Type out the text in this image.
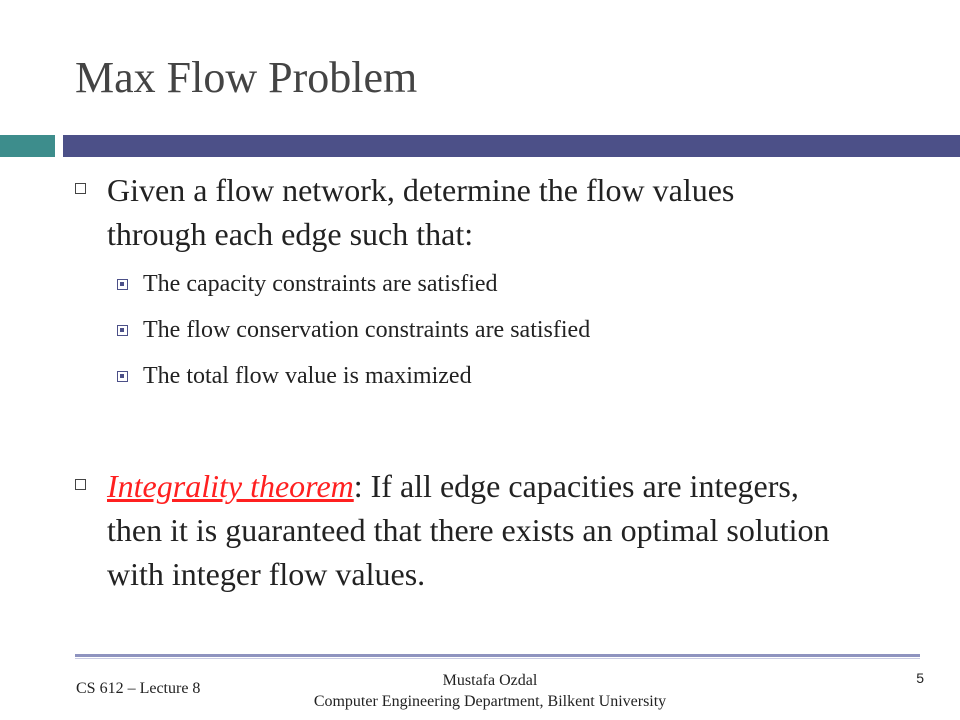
Max Flow Problem
Given a flow network, determine the flow values through each edge such that:
The capacity constraints are satisfied
The flow conservation constraints are satisfied
The total flow value is maximized
Integrality theorem: If all edge capacities are integers, then it is guaranteed that there exists an optimal solution with integer flow values.
CS 612 – Lecture 8	Mustafa Ozdal
Computer Engineering Department, Bilkent University
5
